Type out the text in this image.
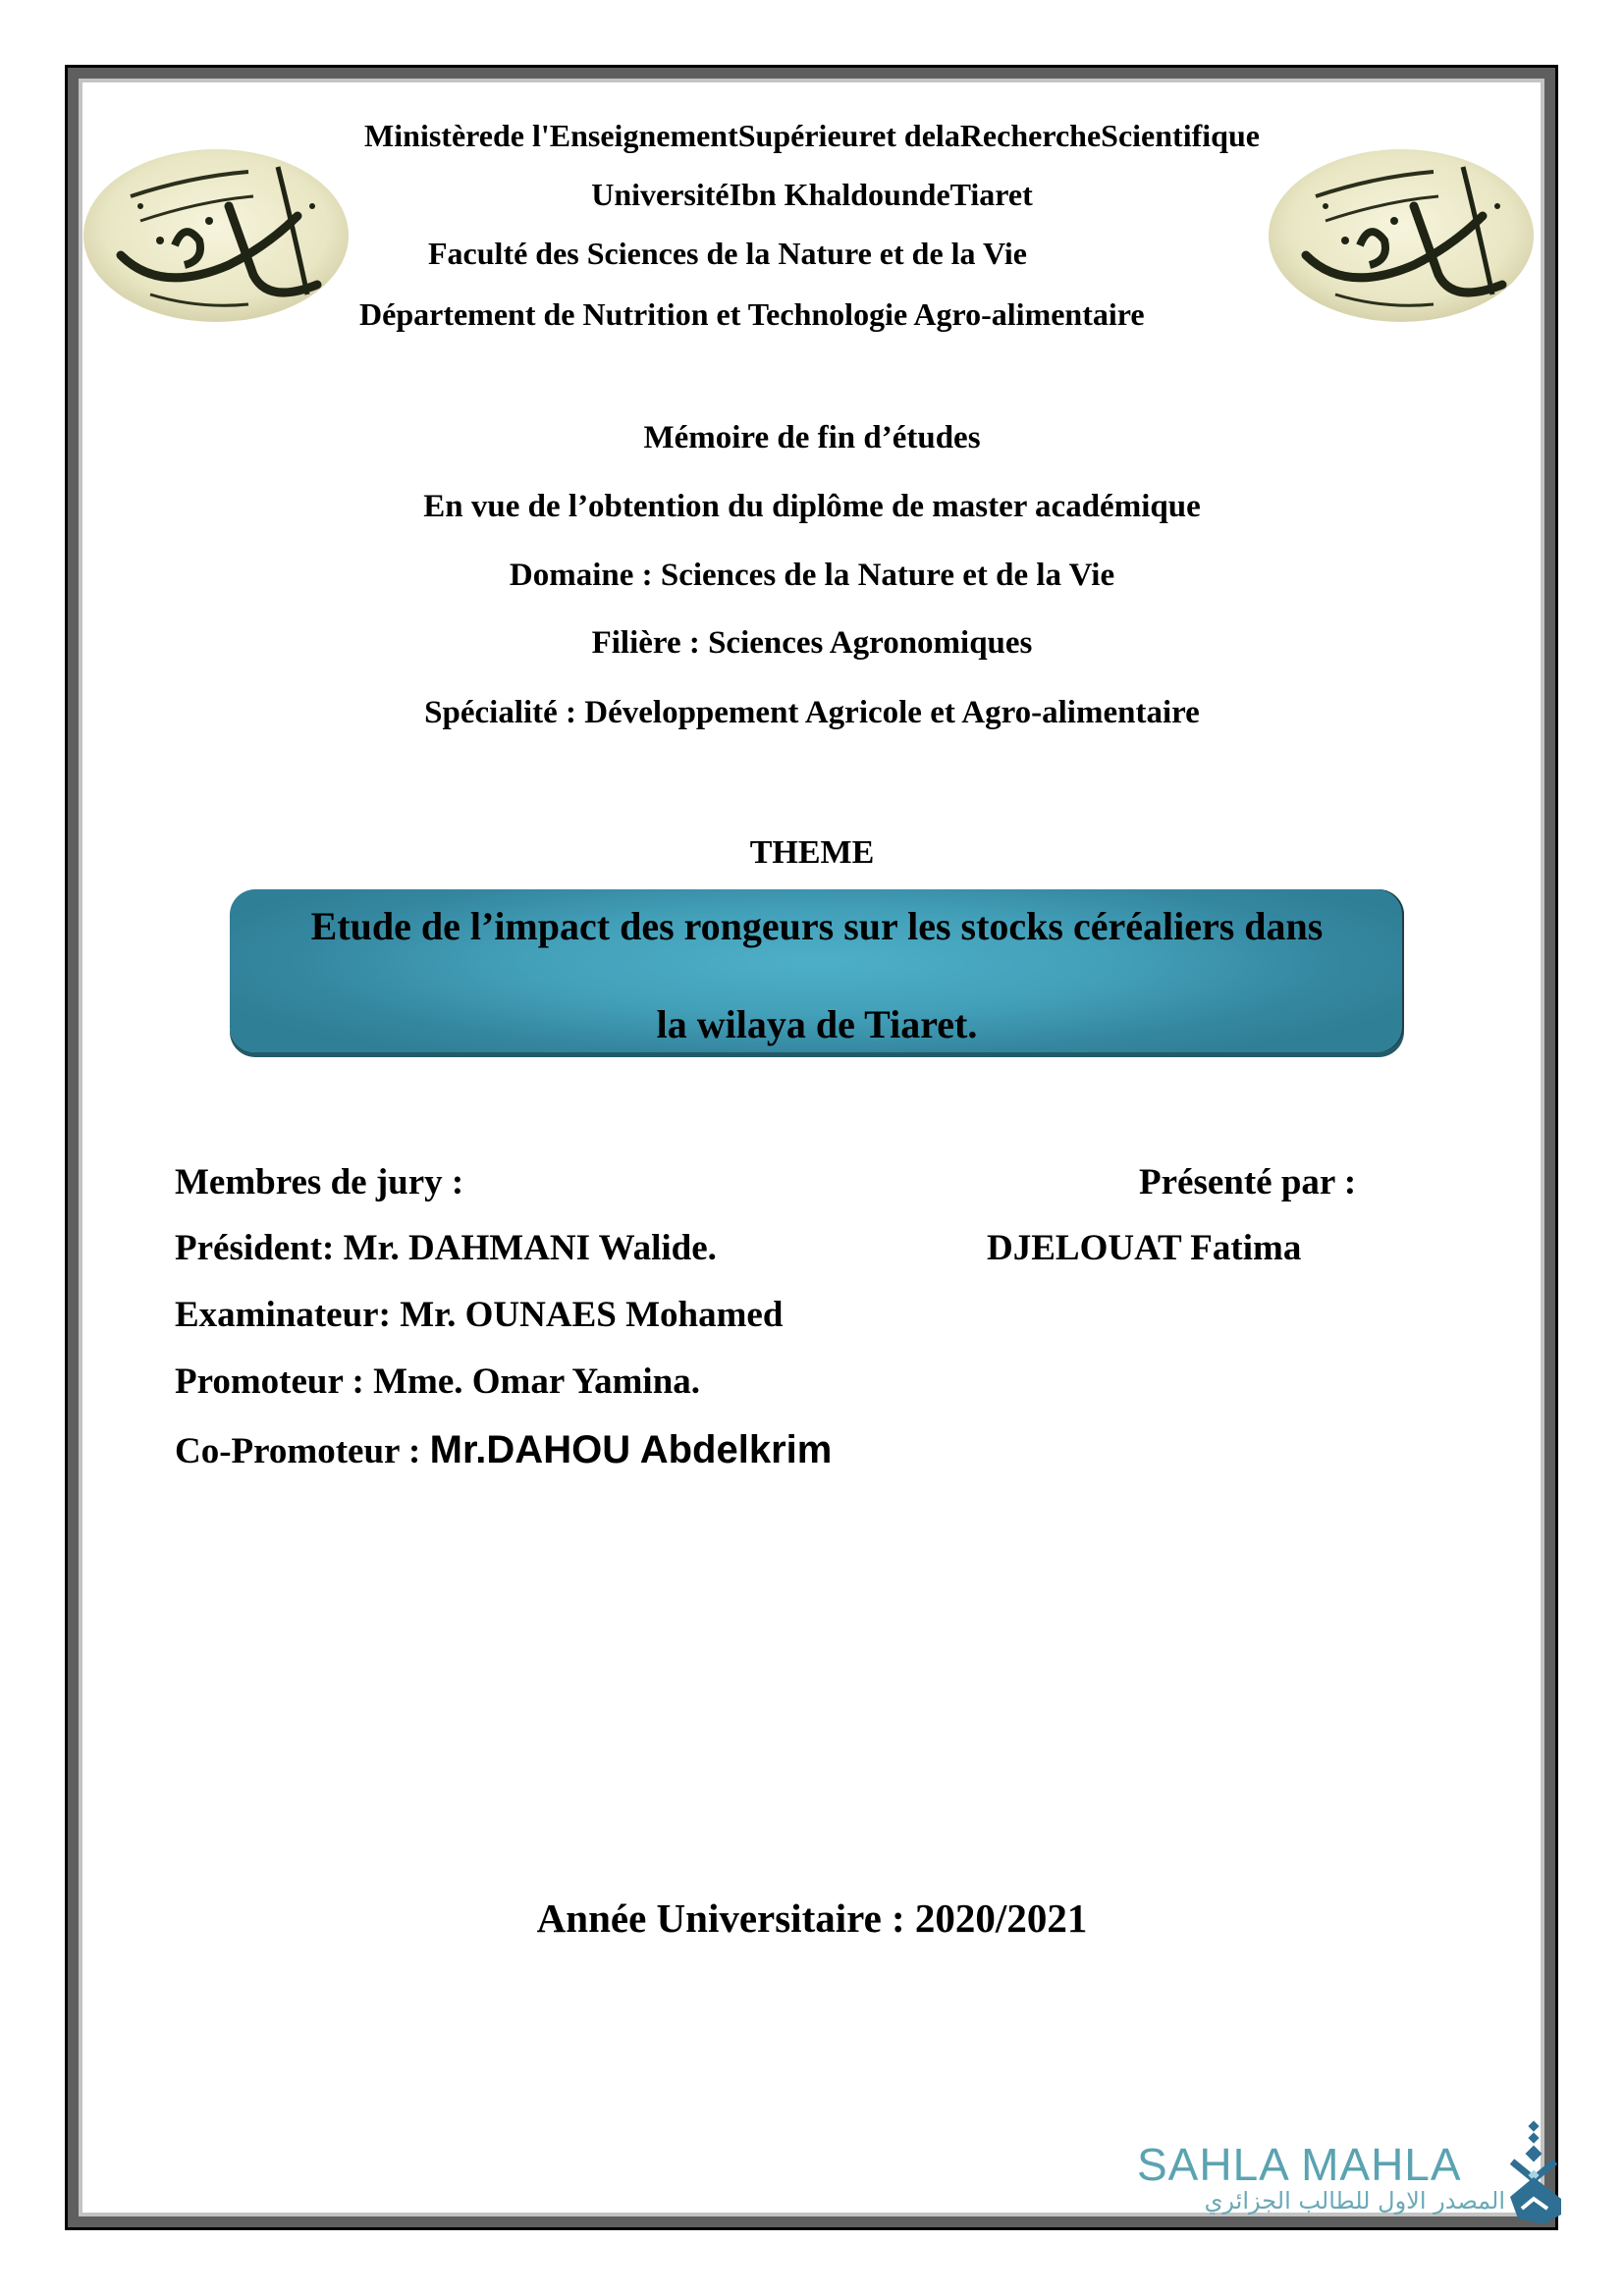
Ministèrede l'EnseignementSupérieuret delaRechercheScientifique
UniversitéIbn KhaldoundeTiaret
Faculté des Sciences de la Nature et de la Vie
Département de Nutrition et Technologie Agro-alimentaire
Mémoire de fin d’études
En vue de l’obtention du diplôme de master académique
Domaine : Sciences de la Nature et de la Vie
Filière : Sciences Agronomiques
Spécialité : Développement Agricole et Agro-alimentaire
THEME
Etude de l’impact des rongeurs sur les stocks céréaliers dans
la wilaya de Tiaret.
Membres de jury :
Président: Mr. DAHMANI Walide.
Examinateur: Mr. OUNAES Mohamed
Promoteur : Mme. Omar Yamina.
Co-Promoteur : Mr.DAHOU Abdelkrim
Présenté par :
DJELOUAT Fatima
Année Universitaire : 2020/2021
SAHLA MAHLA
المصدر الاول للطالب الجزائري
